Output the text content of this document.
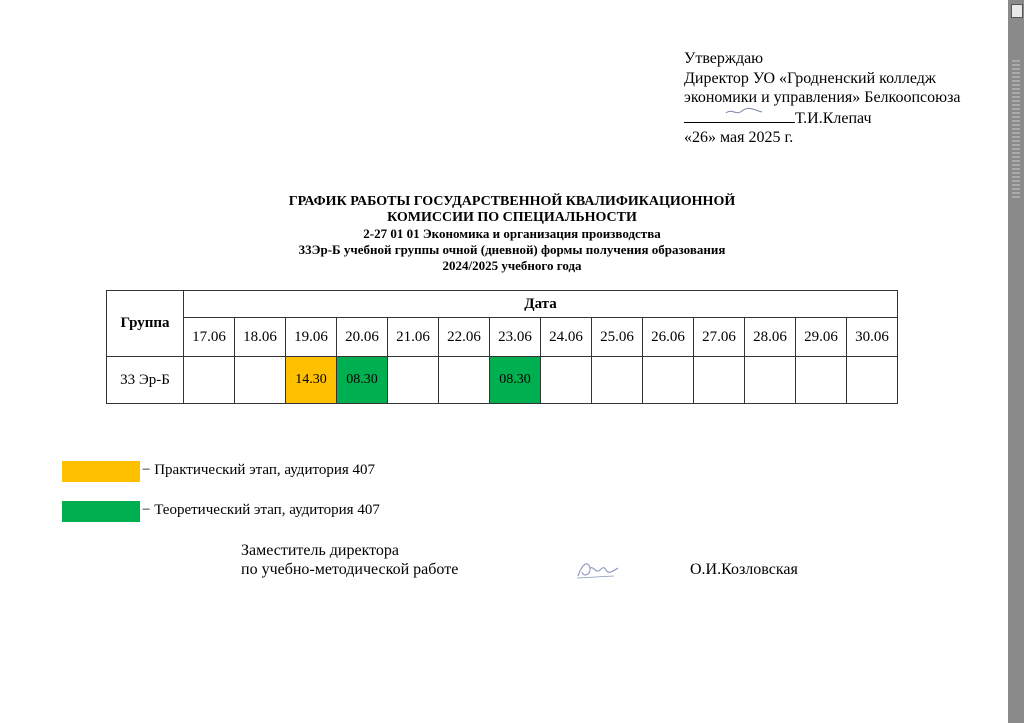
Утверждаю
Директор УО «Гродненский колледж
экономики и управления» Белкоопсоюза
Т.И.Клепач
«26» мая 2025 г.
ГРАФИК РАБОТЫ ГОСУДАРСТВЕННОЙ КВАЛИФИКАЦИОННОЙ
КОМИССИИ ПО СПЕЦИАЛЬНОСТИ
2-27 01 01 Экономика и организация производства
33Эр-Б учебной группы очной (дневной) формы получения образования
2024/2025 учебного года
Группа	Дата													
	17.06	18.06	19.06	20.06	21.06	22.06	23.06	24.06	25.06	26.06	27.06	28.06	29.06	30.06
33 Эр-Б			14.30	08.30			08.30							
− Практический этап, аудитория 407
− Теоретический этап, аудитория 407
Заместитель директора
по учебно-методической работе	О.И.Козловская
